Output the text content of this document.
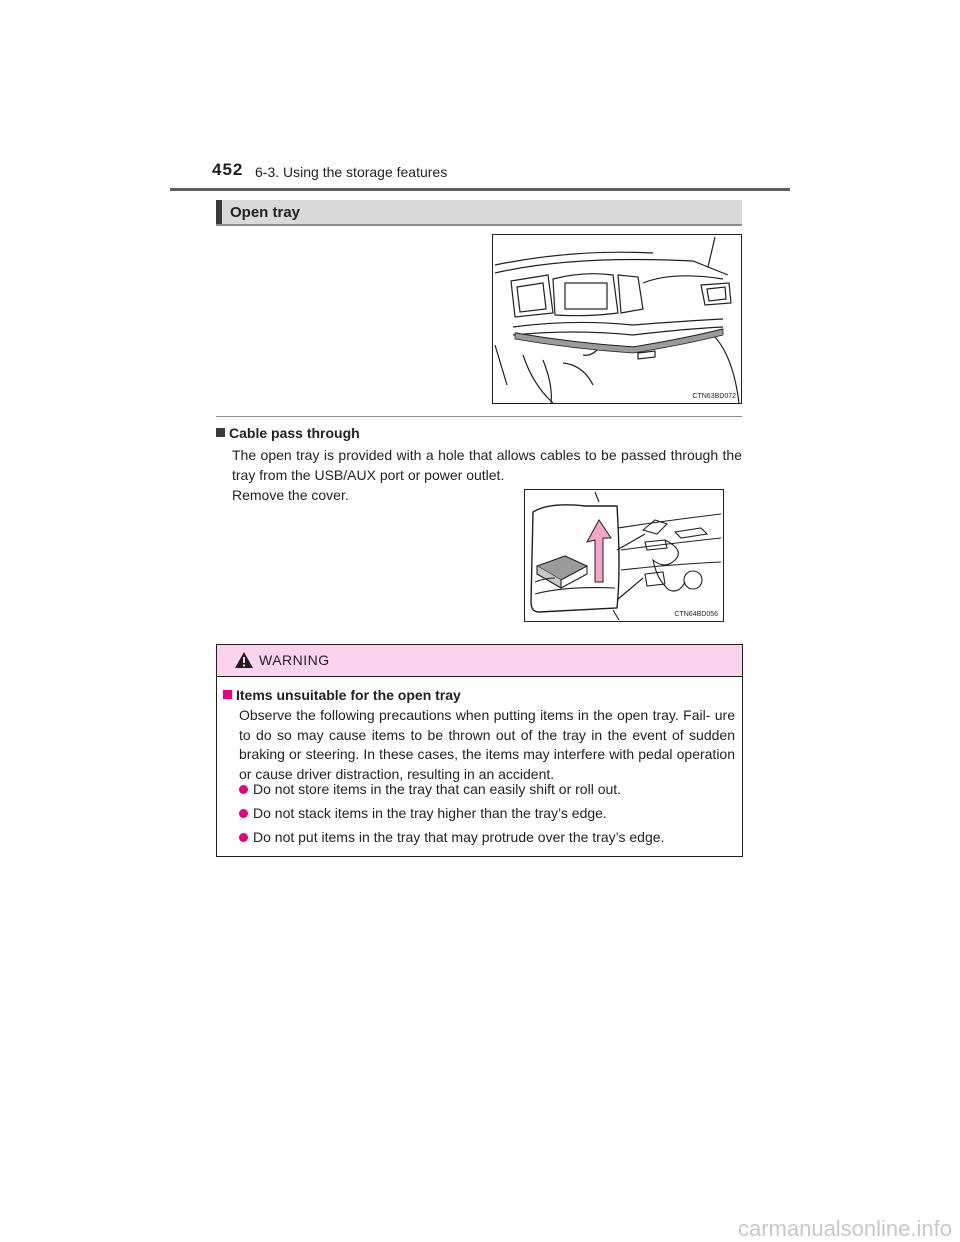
452 6-3. Using the storage features
Open tray
CTN63BD072
Cable pass through
The open tray is provided with a hole that allows cables to be passed through the tray from the USB/AUX port or power outlet.
Remove the cover.
CTN64BD056
WARNING
Items unsuitable for the open tray
Observe the following precautions when putting items in the open tray. Fail- ure to do so may cause items to be thrown out of the tray in the event of sudden braking or steering. In these cases, the items may interfere with pedal operation or cause driver distraction, resulting in an accident.
Do not store items in the tray that can easily shift or roll out.
Do not stack items in the tray higher than the tray’s edge.
Do not put items in the tray that may protrude over the tray’s edge.
carmanualsonline.info
